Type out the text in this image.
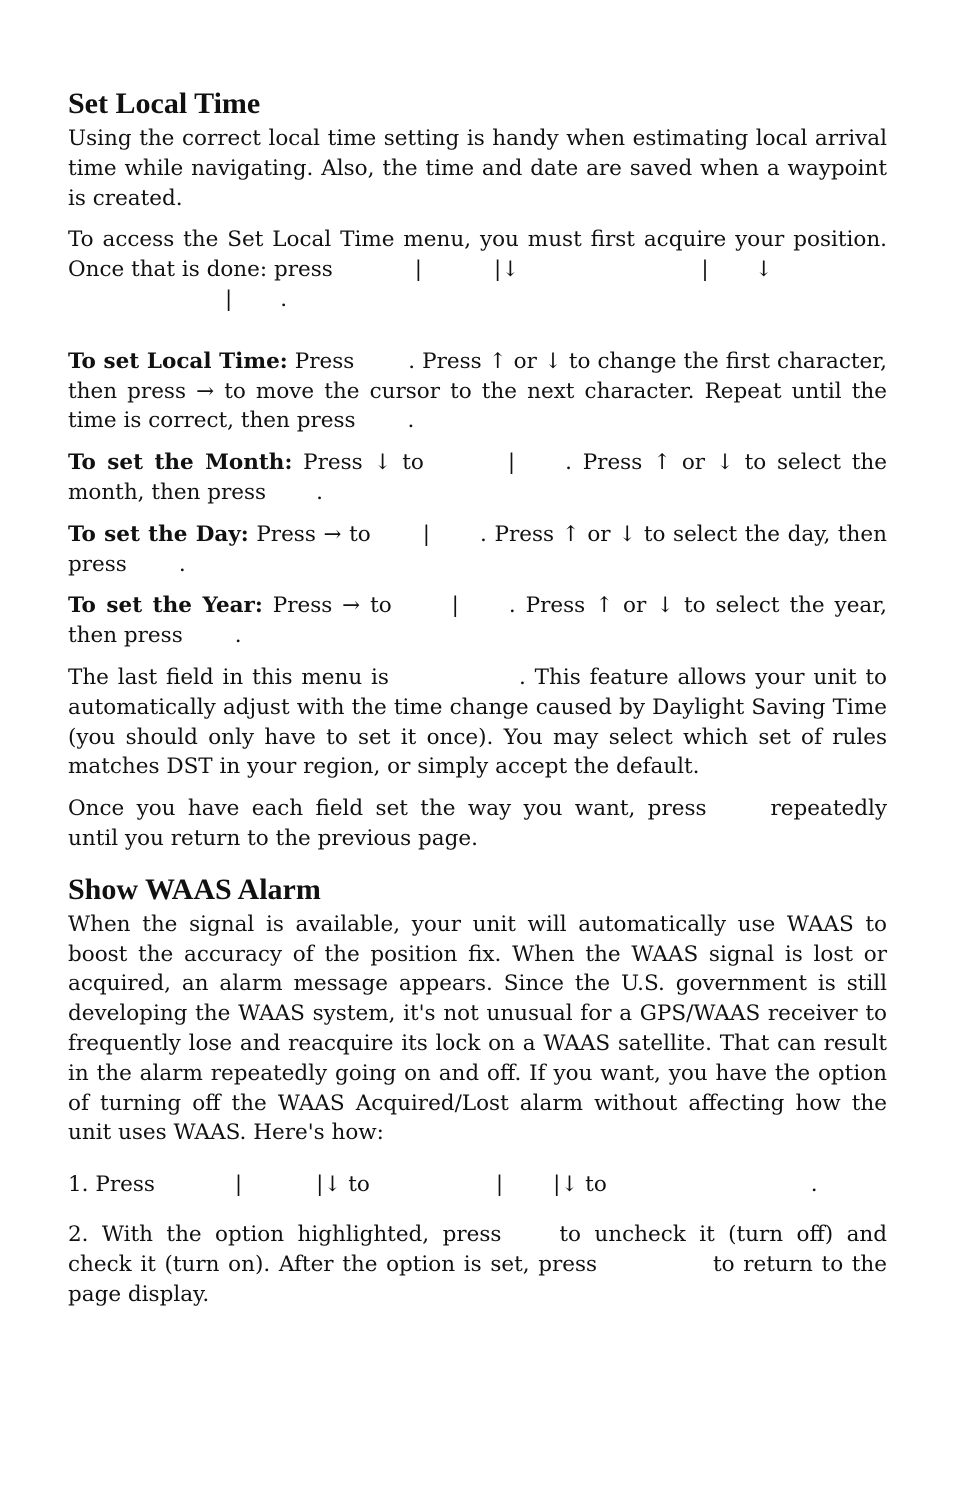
Set Local Time

Using the correct local time setting is handy when estimating local arrival time while navigating. Also, the time and date are saved when a waypoint is created.

To access the Set Local Time menu, you must first acquire your position. Once that is done: press	|	|↓	| ↓
| .

To set Local Time: Press	. Press ↑ or ↓ to change the first character, then press → to move the cursor to the next character. Repeat until the time is correct, then press .

To set the Month: Press ↓ to	| . Press ↑ or ↓ to select the month, then press .

To set the Day: Press → to | . Press ↑ or ↓ to select the day, then press .

To set the Year: Press → to	| . Press ↑ or ↓ to select the year, then press .

The last field in this menu is	. This feature allows your unit to automatically adjust with the time change caused by Daylight Saving Time (you should only have to set it once). You may select which set of rules matches DST in your region, or simply accept the default.

Once you have each field set the way you want, press	repeatedly until you return to the previous page.

Show WAAS Alarm

When the signal is available, your unit will automatically use WAAS to boost the accuracy of the position fix. When the WAAS signal is lost or acquired, an alarm message appears. Since the U.S. government is still developing the WAAS system, it's not unusual for a GPS/WAAS receiver to frequently lose and reacquire its lock on a WAAS satellite. That can result in the alarm repeatedly going on and off. If you want, you have the option of turning off the WAAS Acquired/Lost alarm without affecting how the unit uses WAAS. Here's how:

1. Press	|	|↓ to	| |↓ to	.

2. With the option highlighted, press	to uncheck it (turn off) and check it (turn on). After the option is set, press	to return to the page display.
